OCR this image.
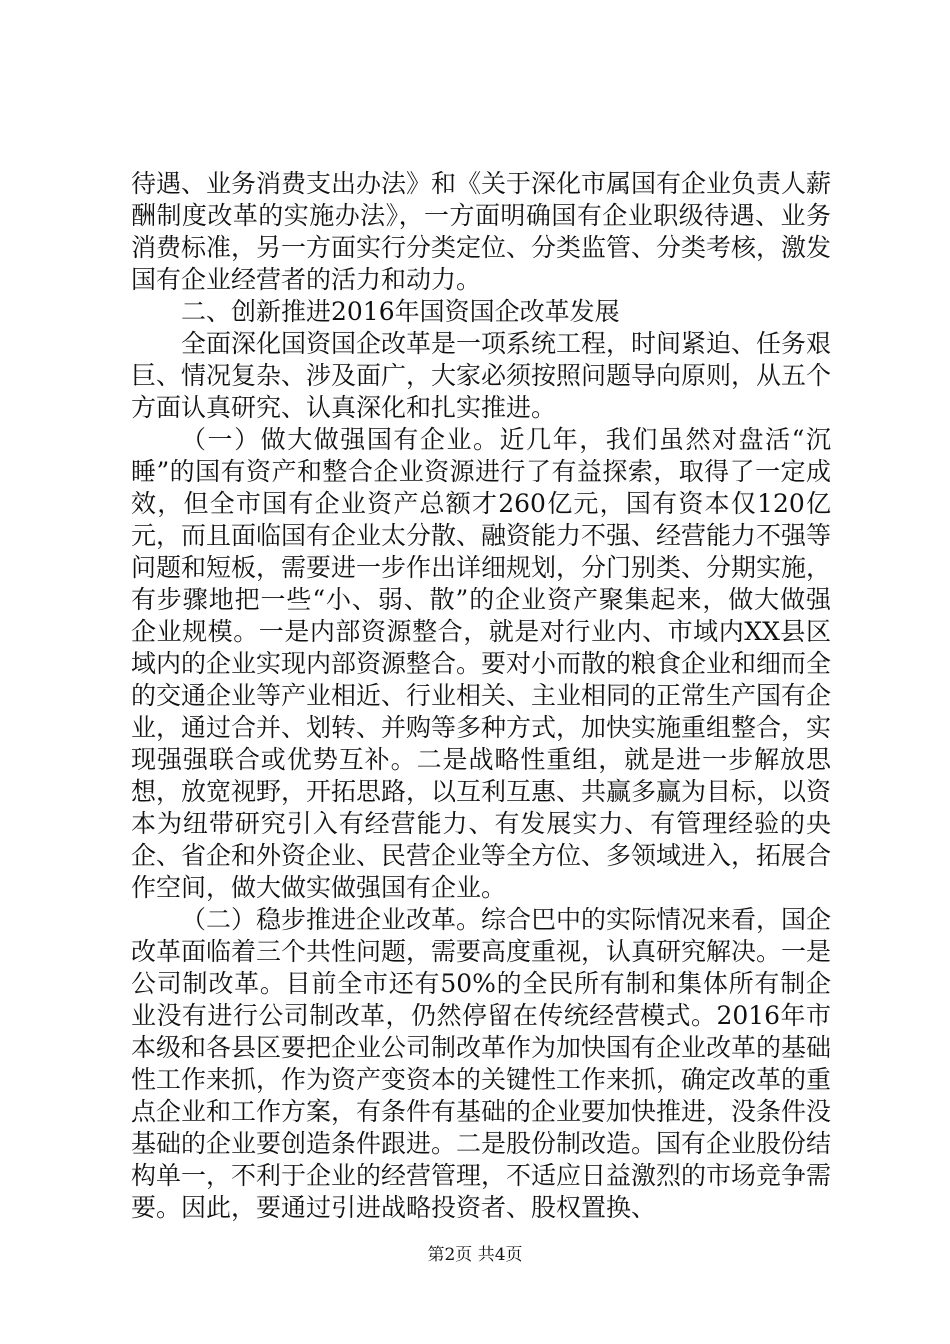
待遇、业务消费支出办法》和《关于深化市属国有企业负责人薪酬制度改革的实施办法》，一方面明确国有企业职级待遇、业务消费标准，另一方面实行分类定位、分类监管、分类考核，激发国有企业经营者的活力和动力。

二、创新推进2016年国资国企改革发展

全面深化国资国企改革是一项系统工程，时间紧迫、任务艰巨、情况复杂、涉及面广，大家必须按照问题导向原则，从五个方面认真研究、认真深化和扎实推进。

（一）做大做强国有企业。近几年，我们虽然对盘活“沉睡”的国有资产和整合企业资源进行了有益探索，取得了一定成效，但全市国有企业资产总额才260亿元，国有资本仅120亿元，而且面临国有企业太分散、融资能力不强、经营能力不强等问题和短板，需要进一步作出详细规划，分门别类、分期实施，有步骤地把一些“小、弱、散”的企业资产聚集起来，做大做强企业规模。一是内部资源整合，就是对行业内、市域内XX县区域内的企业实现内部资源整合。要对小而散的粮食企业和细而全的交通企业等产业相近、行业相关、主业相同的正常生产国有企业，通过合并、划转、并购等多种方式，加快实施重组整合，实现强强联合或优势互补。二是战略性重组，就是进一步解放思想，放宽视野，开拓思路，以互利互惠、共赢多赢为目标，以资本为纽带研究引入有经营能力、有发展实力、有管理经验的央企、省企和外资企业、民营企业等全方位、多领域进入，拓展合作空间，做大做实做强国有企业。

（二）稳步推进企业改革。综合巴中的实际情况来看，国企改革面临着三个共性问题，需要高度重视，认真研究解决。一是公司制改革。目前全市还有50%的全民所有制和集体所有制企业没有进行公司制改革，仍然停留在传统经营模式。2016年市本级和各县区要把企业公司制改革作为加快国有企业改革的基础性工作来抓，作为资产变资本的关键性工作来抓，确定改革的重点企业和工作方案，有条件有基础的企业要加快推进，没条件没基础的企业要创造条件跟进。二是股份制改造。国有企业股份结构单一，不利于企业的经营管理，不适应日益激烈的市场竞争需要。因此，要通过引进战略投资者、股权置换、

第2页 共4页
